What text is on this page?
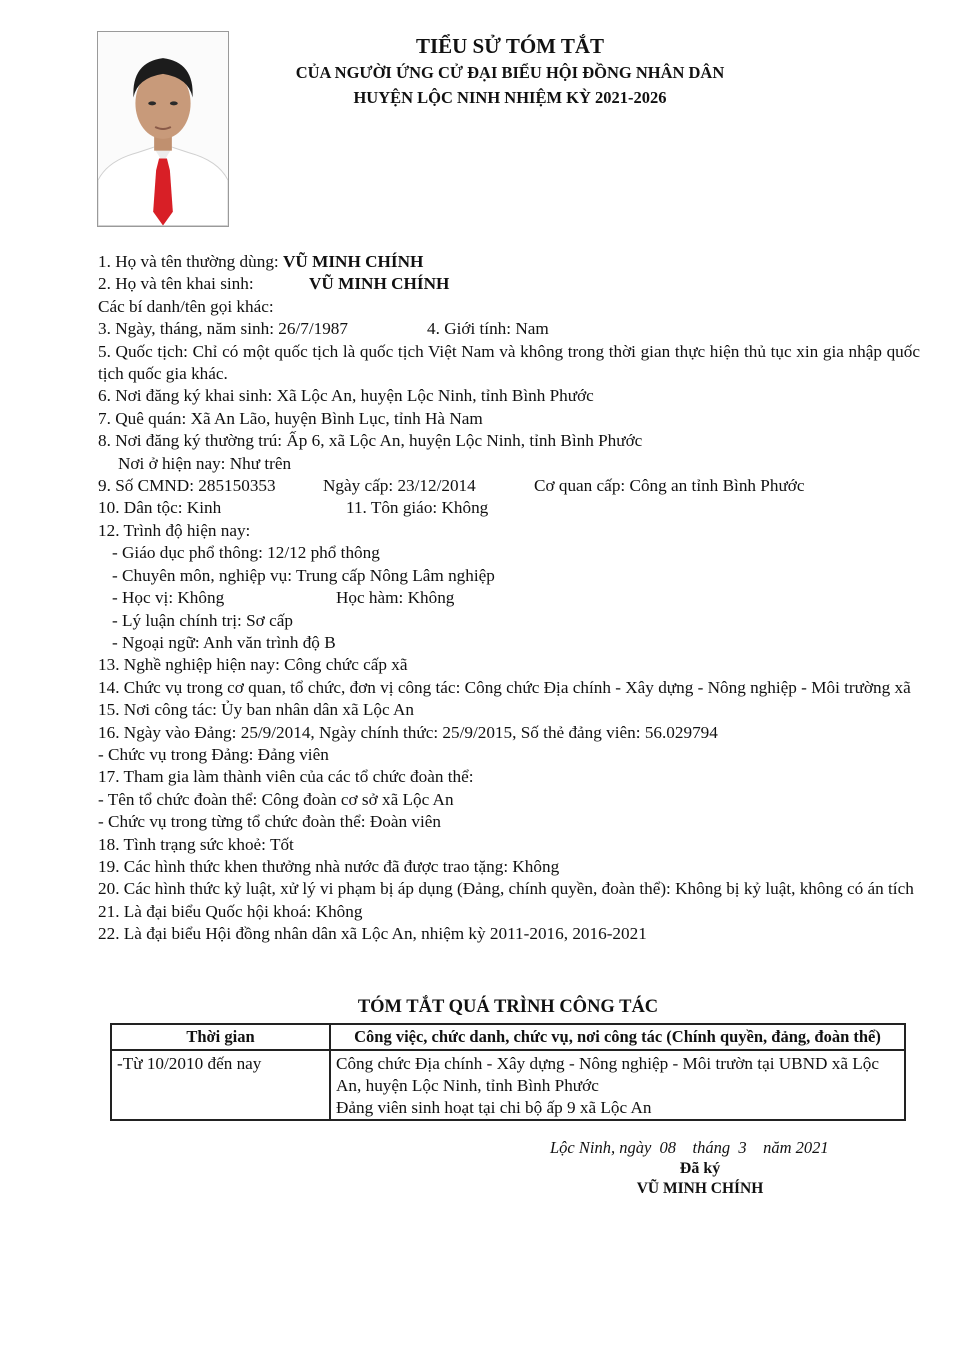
TIỂU SỬ TÓM TẮT
CỦA NGƯỜI ỨNG CỬ ĐẠI BIỂU HỘI ĐỒNG NHÂN DÂN
HUYỆN LỘC NINH NHIỆM KỲ 2021-2026
1. Họ và tên thường dùng: VŨ MINH CHÍNH
2. Họ và tên khai sinh:	VŨ MINH CHÍNH
Các bí danh/tên gọi khác:
3. Ngày, tháng, năm sinh: 26/7/1987	4. Giới tính: Nam
5. Quốc tịch: Chỉ có một quốc tịch là quốc tịch Việt Nam và không trong thời gian thực hiện thủ tục xin gia nhập quốc tịch quốc gia khác.
6. Nơi đăng ký khai sinh: Xã Lộc An, huyện Lộc Ninh, tỉnh Bình Phước
7. Quê quán: Xã An Lão, huyện Bình Lục, tỉnh Hà Nam
8. Nơi đăng ký thường trú: Ấp 6, xã Lộc An, huyện Lộc Ninh, tỉnh Bình Phước
Nơi ở hiện nay: Như trên
9. Số CMND: 285150353	Ngày cấp: 23/12/2014	Cơ quan cấp: Công an tỉnh Bình Phước
10. Dân tộc: Kinh	11. Tôn giáo: Không
12. Trình độ hiện nay:
- Giáo dục phổ thông: 12/12 phổ thông
- Chuyên môn, nghiệp vụ: Trung cấp Nông Lâm nghiệp
- Học vị: Không	Học hàm: Không
- Lý luận chính trị: Sơ cấp
- Ngoại ngữ: Anh văn trình độ B
13. Nghề nghiệp hiện nay: Công chức cấp xã
14. Chức vụ trong cơ quan, tổ chức, đơn vị công tác: Công chức Địa chính - Xây dựng - Nông nghiệp - Môi trường xã
15. Nơi công tác: Ủy ban nhân dân xã Lộc An
16. Ngày vào Đảng: 25/9/2014, Ngày chính thức: 25/9/2015, Số thẻ đảng viên: 56.029794
- Chức vụ trong Đảng: Đảng viên
17. Tham gia làm thành viên của các tổ chức đoàn thể:
- Tên tổ chức đoàn thể: Công đoàn cơ sở xã Lộc An
- Chức vụ trong từng tổ chức đoàn thể: Đoàn viên
18. Tình trạng sức khoẻ: Tốt
19. Các hình thức khen thưởng nhà nước đã được trao tặng: Không
20. Các hình thức kỷ luật, xử lý vi phạm bị áp dụng (Đảng, chính quyền, đoàn thể): Không bị kỷ luật, không có án tích
21. Là đại biểu Quốc hội khoá: Không
22. Là đại biểu Hội đồng nhân dân xã Lộc An, nhiệm kỳ 2011-2016, 2016-2021
TÓM TẮT QUÁ TRÌNH CÔNG TÁC
Thời gian	Công việc, chức danh, chức vụ, nơi công tác (Chính quyền, đảng, đoàn thể)
-Từ 10/2010 đến nay	Công chức Địa chính - Xây dựng - Nông nghiệp - Môi trườn tại UBND xã Lộc An, huyện Lộc Ninh, tỉnh Bình Phước
Đảng viên sinh hoạt tại chi bộ ấp 9 xã Lộc An
Lộc Ninh, ngày  08    tháng  3    năm 2021
Đã ký
VŨ MINH CHÍNH
